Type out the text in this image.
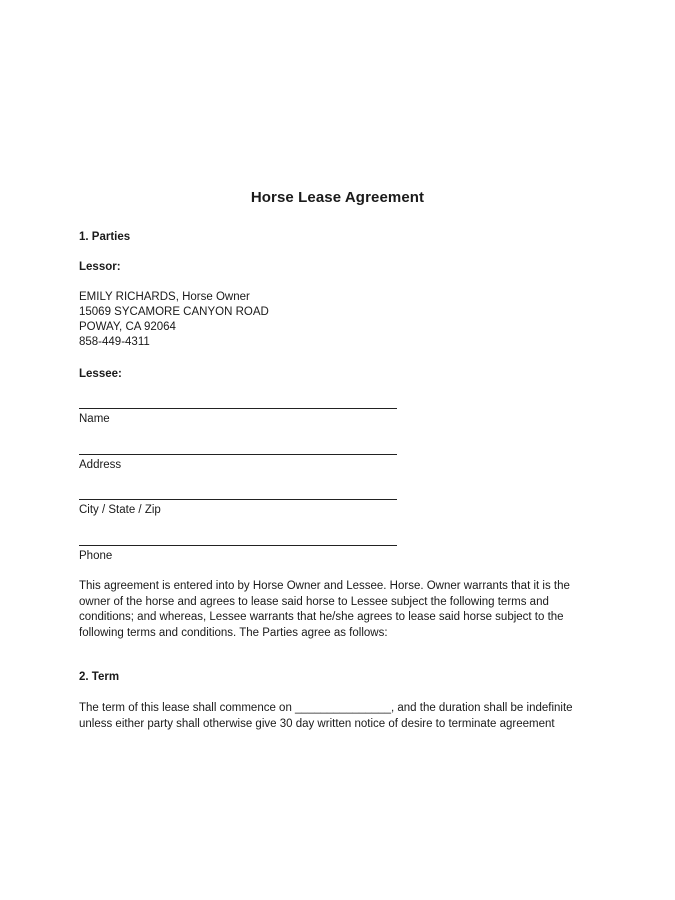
Horse Lease Agreement
1. Parties
Lessor:
EMILY RICHARDS, Horse Owner
15069 SYCAMORE CANYON ROAD
POWAY, CA 92064
858-449-4311
Lessee:
Name
Address
City / State / Zip
Phone
This agreement is entered into by Horse Owner and Lessee. Horse. Owner warrants that it is the
owner of the horse and agrees to lease said horse to Lessee subject the following terms and
conditions; and whereas, Lessee warrants that he/she agrees to lease said horse subject to the
following terms and conditions. The Parties agree as follows:
2. Term
The term of this lease shall commence on _______________, and the duration shall be indefinite
unless either party shall otherwise give 30 day written notice of desire to terminate agreement
